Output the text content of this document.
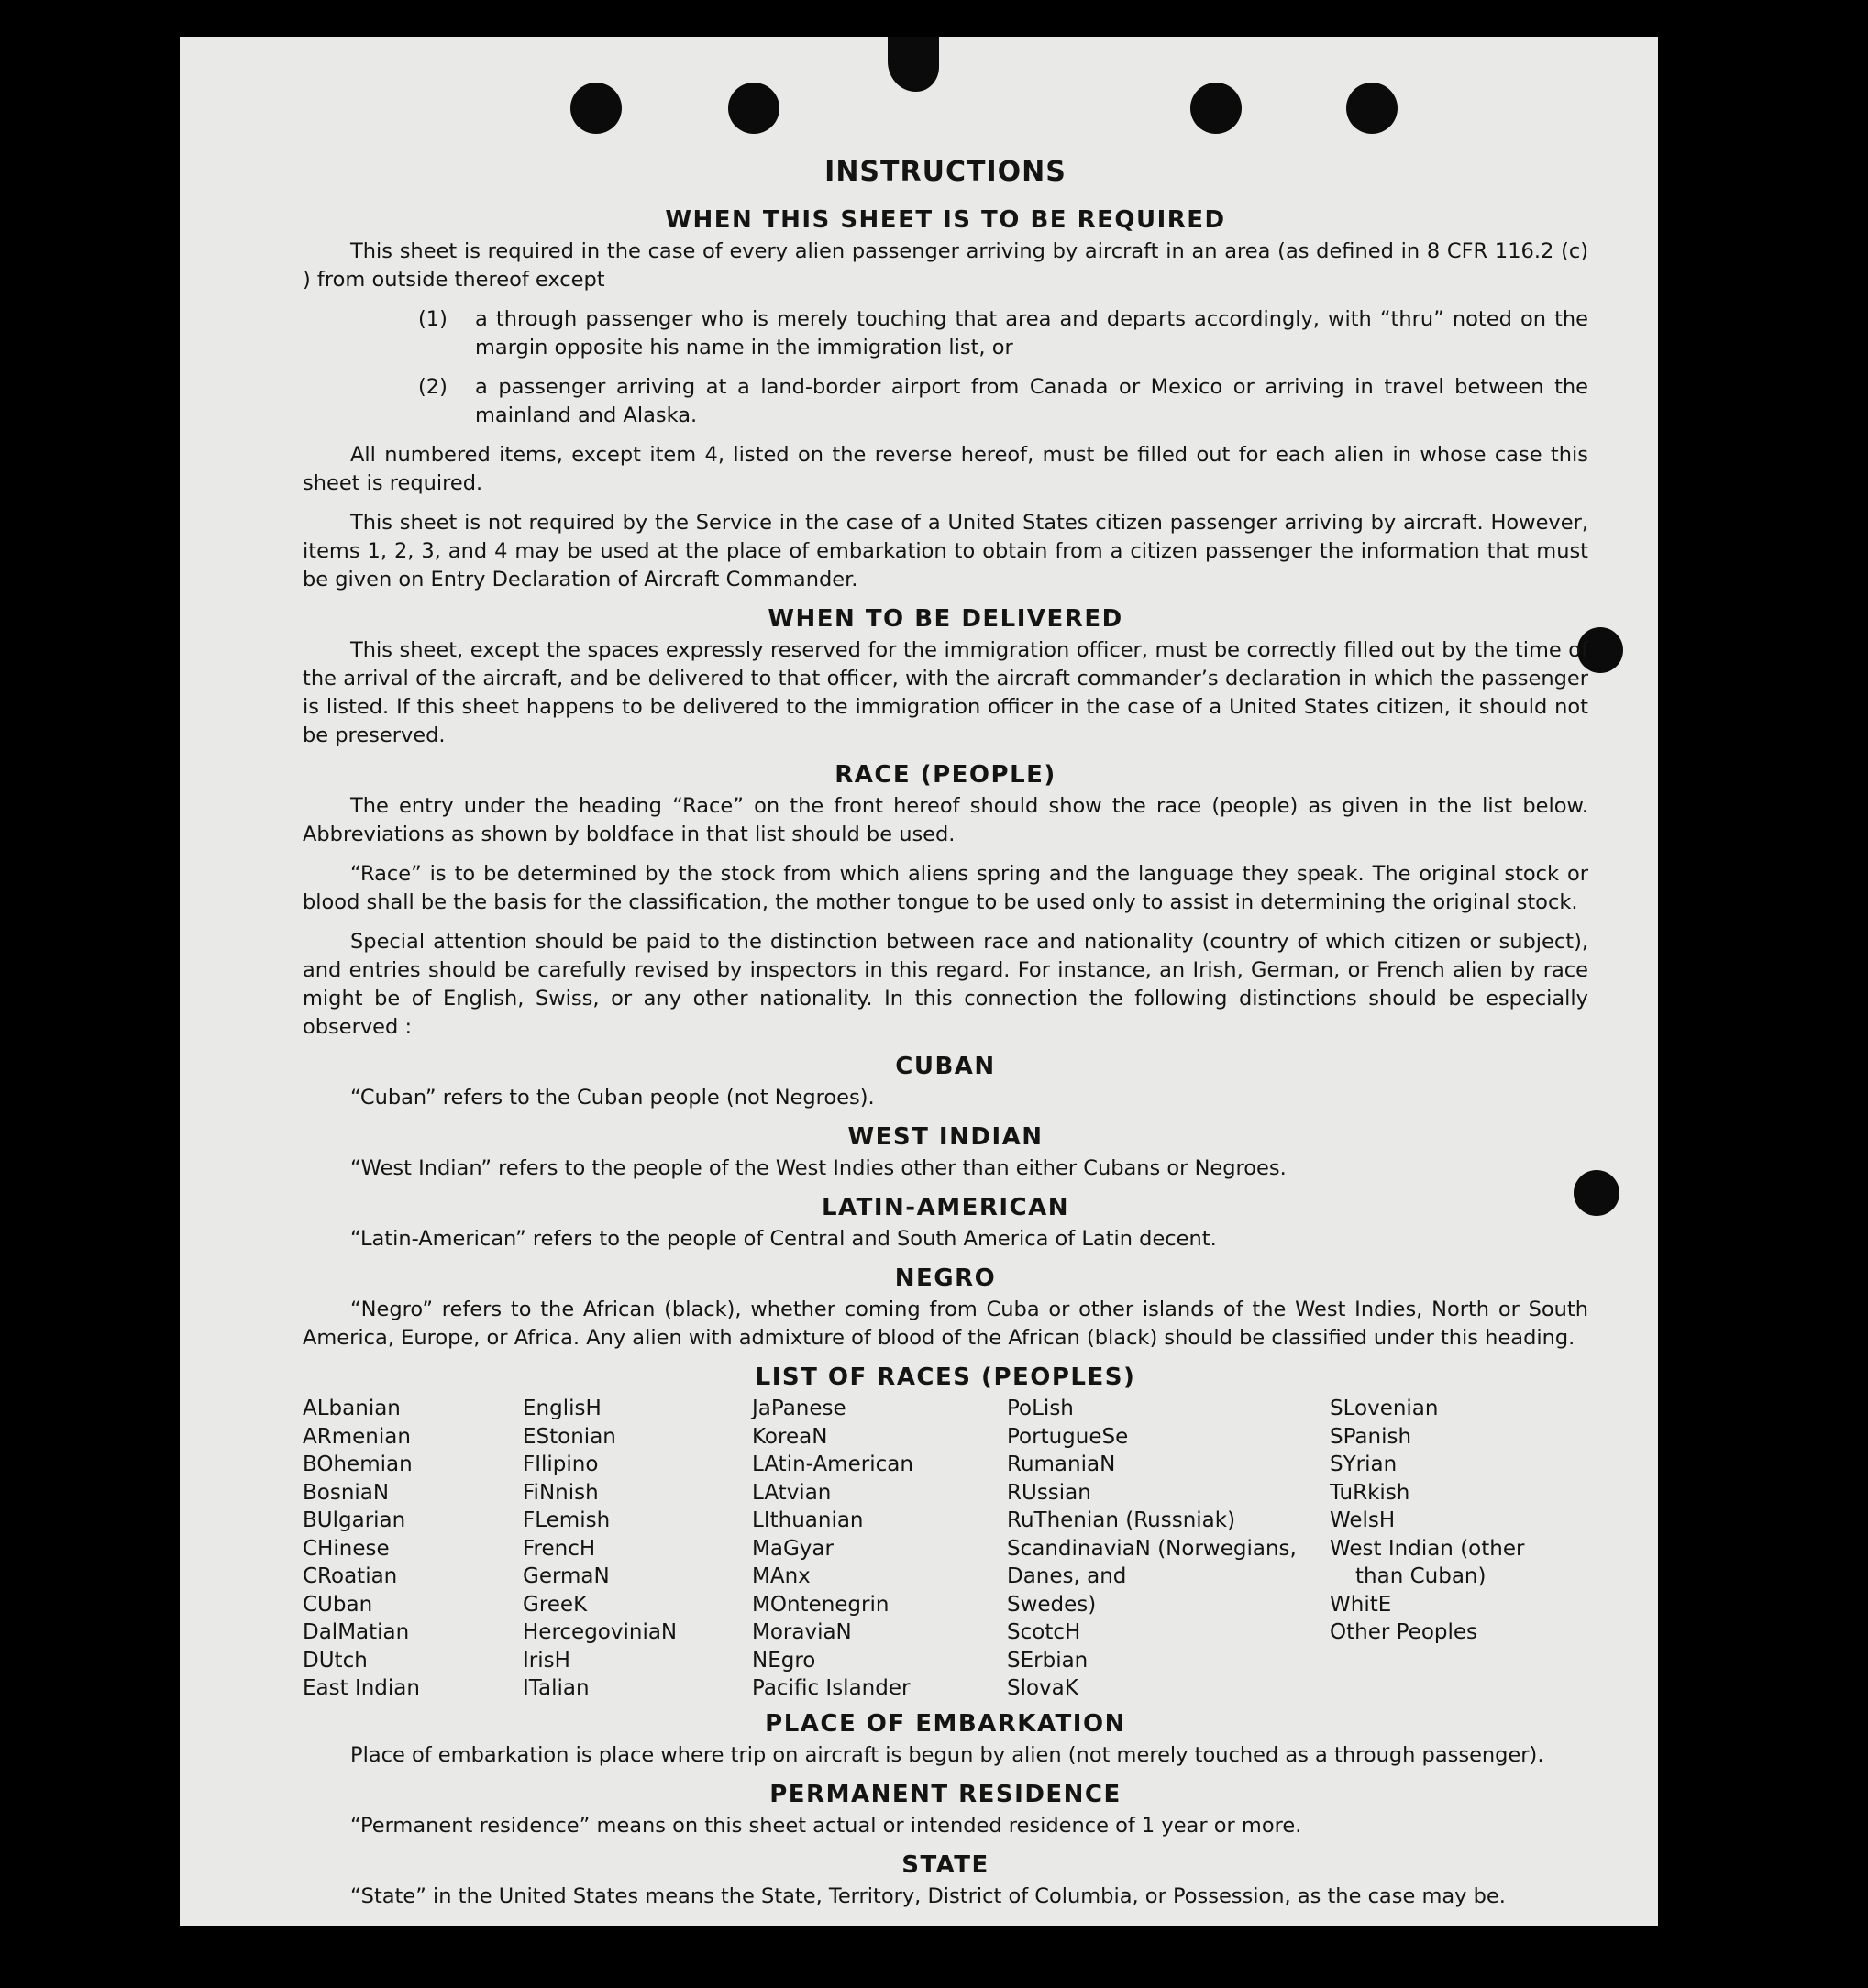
INSTRUCTIONS
WHEN THIS SHEET IS TO BE REQUIRED

This sheet is required in the case of every alien passenger arriving by aircraft in an area (as defined in 8 CFR 116.2 (c) ) from outside thereof except

(1)	a through passenger who is merely touching that area and departs accordingly, with “thru” noted on the margin opposite his name in the immigration list, or
(2)	a passenger arriving at a land-border airport from Canada or Mexico or arriving in travel between the mainland and Alaska.

All numbered items, except item 4, listed on the reverse hereof, must be filled out for each alien in whose case this sheet is required.

This sheet is not required by the Service in the case of a United States citizen passenger arriving by aircraft. However, items 1, 2, 3, and 4 may be used at the place of embarkation to obtain from a citizen passenger the information that must be given on Entry Declaration of Aircraft Commander.

WHEN TO BE DELIVERED

This sheet, except the spaces expressly reserved for the immigration officer, must be correctly filled out by the time of the arrival of the aircraft, and be delivered to that officer, with the aircraft commander’s declaration in which the passenger is listed. If this sheet happens to be delivered to the immigration officer in the case of a United States citizen, it should not be preserved.

RACE (PEOPLE)

The entry under the heading “Race” on the front hereof should show the race (people) as given in the list below. Abbreviations as shown by boldface in that list should be used.

“Race” is to be determined by the stock from which aliens spring and the language they speak. The original stock or blood shall be the basis for the classification, the mother tongue to be used only to assist in determining the original stock.

Special attention should be paid to the distinction between race and nationality (country of which citizen or subject), and entries should be carefully revised by inspectors in this regard. For instance, an Irish, German, or French alien by race might be of English, Swiss, or any other nationality. In this connection the following distinctions should be especially observed :

CUBAN

“Cuban” refers to the Cuban people (not Negroes).

WEST INDIAN

“West Indian” refers to the people of the West Indies other than either Cubans or Negroes.

LATIN-AMERICAN

“Latin-American” refers to the people of Central and South America of Latin decent.

NEGRO

“Negro” refers to the African (black), whether coming from Cuba or other islands of the West Indies, North or South America, Europe, or Africa. Any alien with admixture of blood of the African (black) should be classified under this heading.

LIST OF RACES (PEOPLES)
ALbanian
ARmenian
BOhemian
BosniaN
BUlgarian
CHinese
CRoatian
CUban
DalMatian
DUtch
East Indian
EnglisH
EStonian
FIlipino
FiNnish
FLemish
FrencH
GermaN
GreeK
HercegoviniaN
IrisH
ITalian
JaPanese
KoreaN
LAtin-American
LAtvian
LIthuanian
MaGyar
MAnx
MOntenegrin
MoraviaN
NEgro
Pacific Islander
PoLish
PortugueSe
RumaniaN
RUssian
RuThenian (Russniak)
ScandinaviaN (Norwegians,
Danes, and
Swedes)
ScotcH
SErbian
SlovaK
SLovenian
SPanish
SYrian
TuRkish
WelsH
West Indian (other
than Cuban)
WhitE
Other Peoples
PLACE OF EMBARKATION

Place of embarkation is place where trip on aircraft is begun by alien (not merely touched as a through passenger).

PERMANENT RESIDENCE

“Permanent residence” means on this sheet actual or intended residence of 1 year or more.

STATE

“State” in the United States means the State, Territory, District of Columbia, or Possession, as the case may be.
